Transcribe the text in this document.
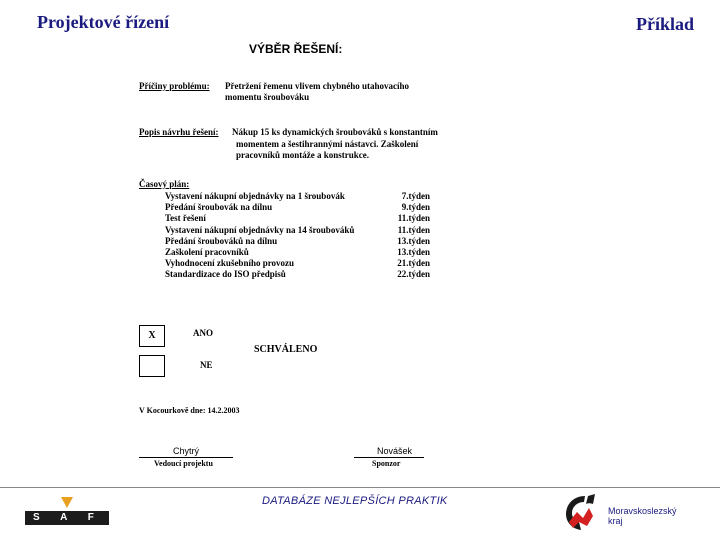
Projektové řízení	Příklad
VÝBĚR ŘEŠENÍ:
Příčiny problému: Přetržení řemenu vlivem chybného utahovacího
momentu šroubováku
Popis návrhu řešení: Nákup 15 ks dynamických šroubováků s konstantním
momentem a šestihrannými nástavci. Zaškolení
pracovníků montáže a konstrukce.
Časový plán:
Vystavení nákupní objednávky na 1 šroubovák	7.týden
Předání šroubovák na dílnu	9.týden
Test řešení	11.týden
Vystavení nákupní objednávky na 14 šroubováků	11.týden
Předání šroubováků na dílnu	13.týden
Zaškolení pracovníků	13.týden
Vyhodnocení zkušebního provozu	21.týden
Standardizace do ISO předpisů	22.týden
X	ANO
NE
SCHVÁLENO
V Kocourkově dne: 14.2.2003
Chytrý
Vedoucí projektu
Novášek
Sponzor
DATABÁZE NEJLEPŠÍCH PRAKTIK
S A F T
Moravskoslezský
kraj
